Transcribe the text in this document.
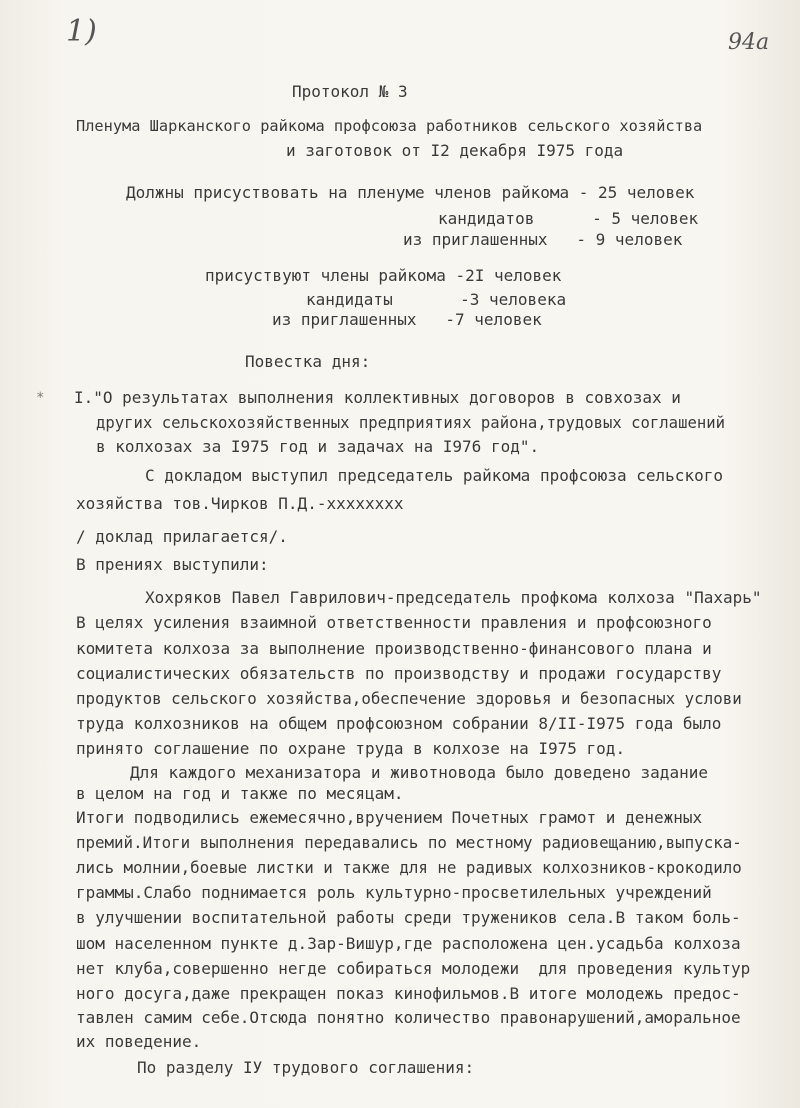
1)	94a
*
Протокол № 3
Пленума Шарканского райкома профсоюза работников сельского хозяйства
и заготовок от I2 декабря I975 года
Должны присуствовать на пленуме членов райкома - 25 человек
кандидатов      - 5 человек
из приглашенных   - 9 человек
присуствуют члены райкома -2I человек
кандидаты       -3 человека
из приглашенных   -7 человек
Повестка дня:
I."О результатах выполнения коллективных договоров в совхозах и
других сельскохозяйственных предприятиях района,трудовых соглашений
в колхозах за I975 год и задачах на I976 год".
С докладом выступил председатель райкома профсоюза сельского
хозяйства тов.Чирков П.Д.-хххххххх
/ доклад прилагается/.
В прениях выступили:
Хохряков Павел Гаврилович-председатель профкома колхоза "Пахарь"
В целях усиления взаимной ответственности правления и профсоюзного
комитета колхоза за выполнение производственно-финансового плана и
социалистических обязательств по производству и продажи государству
продуктов сельского хозяйства,обеспечение здоровья и безопасных услови
труда колхозников на общем профсоюзном собрании 8/II-I975 года было
принято соглашение по охране труда в колхозе на I975 год.
Для каждого механизатора и животновода было доведено задание
в целом на год и также по месяцам.
Итоги подводились ежемесячно,вручением Почетных грамот и денежных
премий.Итоги выполнения передавались по местному радиовещанию,выпуска-
лись молнии,боевые листки и также для не радивых колхозников-крокодило
граммы.Слабо поднимается роль культурно-просветилельных учреждений
в улучшении воспитательной работы среди тружеников села.В таком боль-
шом населенном пункте д.Зар-Вишур,где расположена цен.усадьба колхоза
нет клуба,совершенно негде собираться молодежи  для проведения культур
ного досуга,даже прекращен показ кинофильмов.В итоге молодежь предос-
тавлен самим себе.Отсюда понятно количество правонарушений,аморальное
их поведение.
По разделу IУ трудового соглашения:
